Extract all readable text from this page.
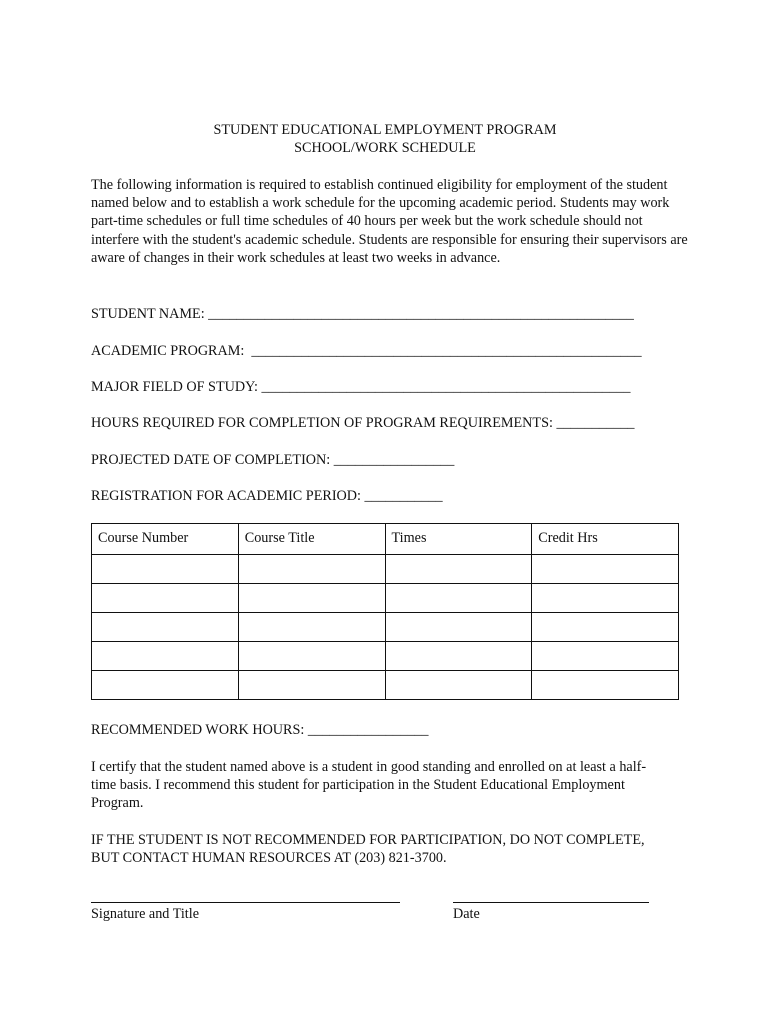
STUDENT EDUCATIONAL EMPLOYMENT PROGRAM
SCHOOL/WORK SCHEDULE
The following information is required to establish continued eligibility for employment of the student named below and to establish a work schedule for the upcoming academic period. Students may work part-time schedules or full time schedules of 40 hours per week but the work schedule should not interfere with the student's academic schedule. Students are responsible for ensuring their supervisors are aware of changes in their work schedules at least two weeks in advance.
STUDENT NAME: ____________________________________________________________
ACADEMIC PROGRAM:  _______________________________________________________
MAJOR FIELD OF STUDY: ____________________________________________________
HOURS REQUIRED FOR COMPLETION OF PROGRAM REQUIREMENTS: ___________
PROJECTED DATE OF COMPLETION: _________________
REGISTRATION FOR ACADEMIC PERIOD: ___________
Course Number	Course Title	Times	Credit Hrs

RECOMMENDED WORK HOURS: _________________
I certify that the student named above is a student in good standing and enrolled on at least a half-time basis. I recommend this student for participation in the Student Educational Employment Program.
IF THE STUDENT IS NOT RECOMMENDED FOR PARTICIPATION, DO NOT COMPLETE, BUT CONTACT HUMAN RESOURCES AT (203) 821-3700.
Signature and Title	Date
